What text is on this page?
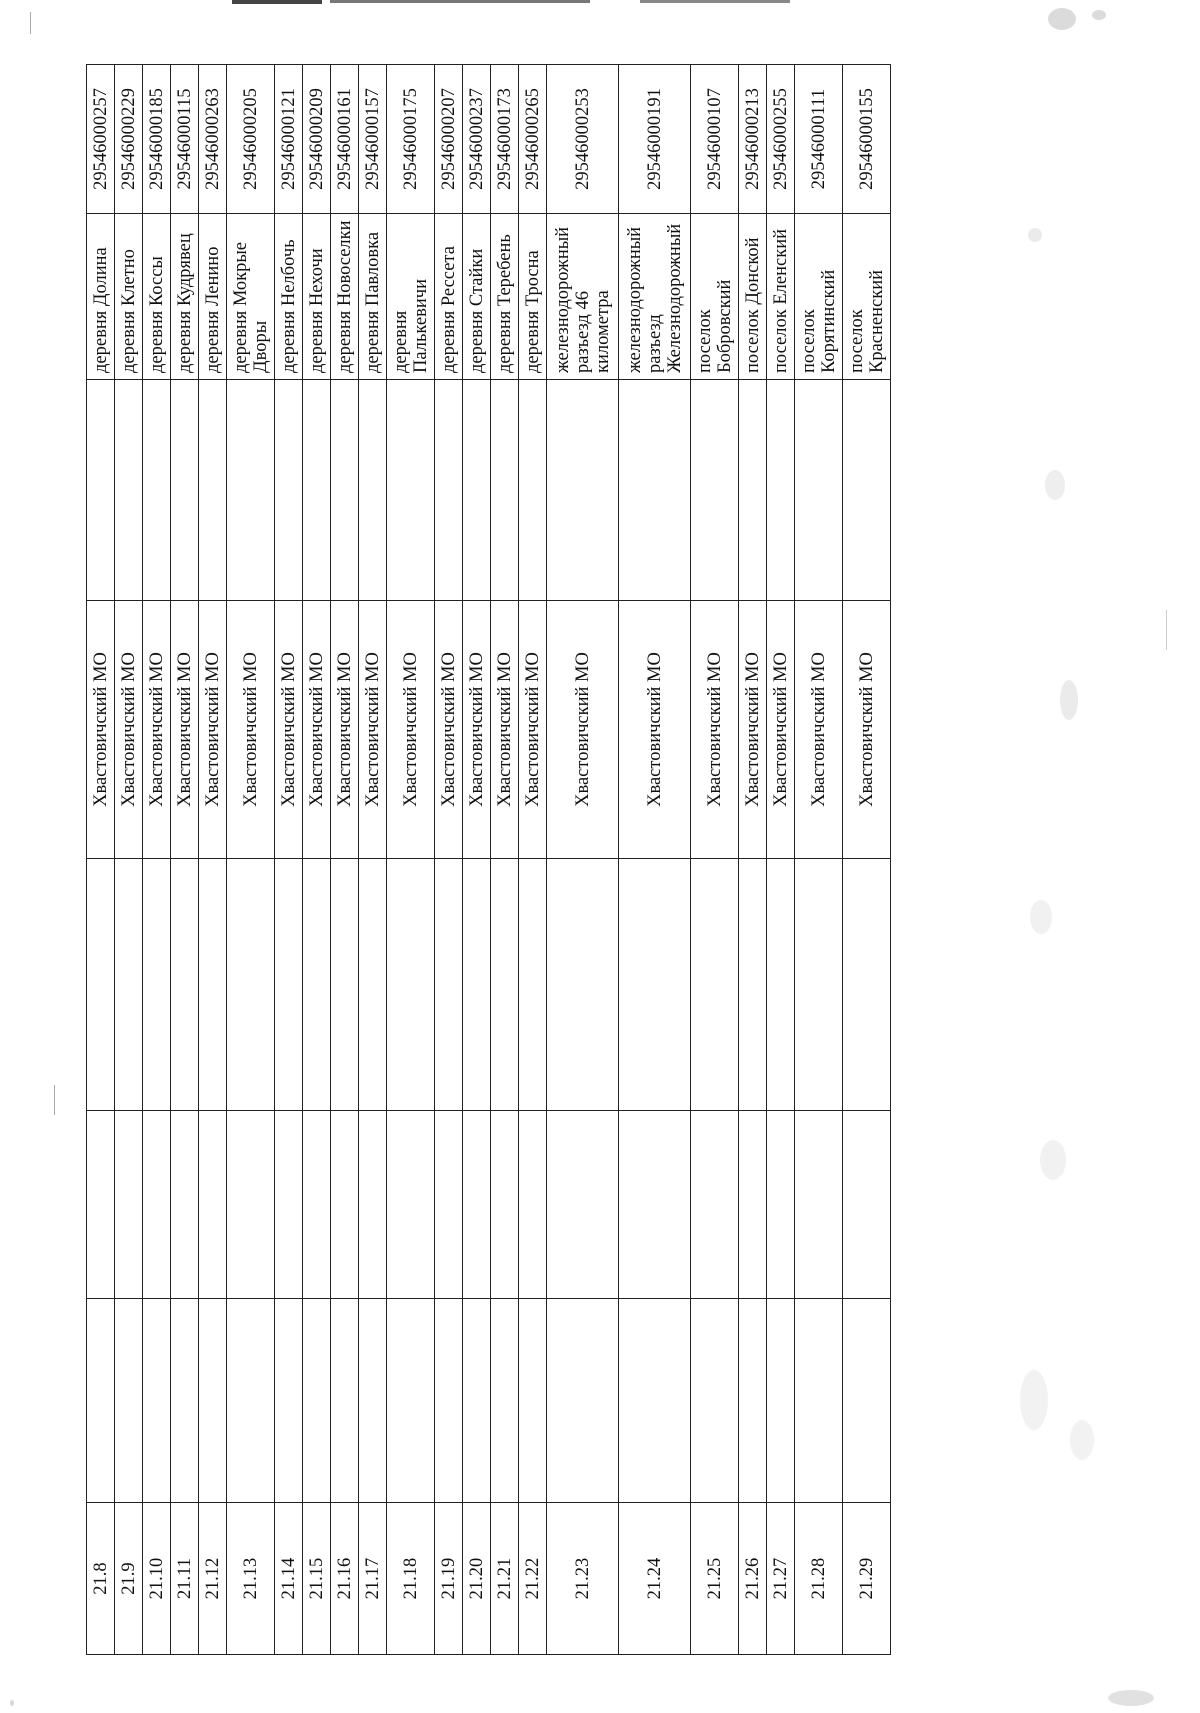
21.8				Хвастовичский МО		деревня Долина	29546000257
21.9				Хвастовичский МО		деревня Клетно	29546000229
21.10				Хвастовичский МО		деревня Коссы	29546000185
21.11				Хвастовичский МО		деревня Кудрявец	29546000115
21.12				Хвастовичский МО		деревня Ленино	29546000263
21.13				Хвастовичский МО		деревня Мокрые Дворы	29546000205
21.14				Хвастовичский МО		деревня Нелбочь	29546000121
21.15				Хвастовичский МО		деревня Нехочи	29546000209
21.16				Хвастовичский МО		деревня Новоселки	29546000161
21.17				Хвастовичский МО		деревня Павловка	29546000157
21.18				Хвастовичский МО		деревня Палькевичи	29546000175
21.19				Хвастовичский МО		деревня Рессета	29546000207
21.20				Хвастовичский МО		деревня Стайки	29546000237
21.21				Хвастовичский МО		деревня Теребень	29546000173
21.22				Хвастовичский МО		деревня Тросна	29546000265
21.23				Хвастовичский МО		железнодорожный разъезд 46 километра	29546000253
21.24				Хвастовичский МО		железнодорожный разъезд Железнодорожный	29546000191
21.25				Хвастовичский МО		поселок Бобровский	29546000107
21.26				Хвастовичский МО		поселок Донской	29546000213
21.27				Хвастовичский МО		поселок Еленский	29546000255
21.28				Хвастовичский МО		поселок Корятинский	29546000111
21.29				Хвастовичский МО		поселок Красненский	29546000155
